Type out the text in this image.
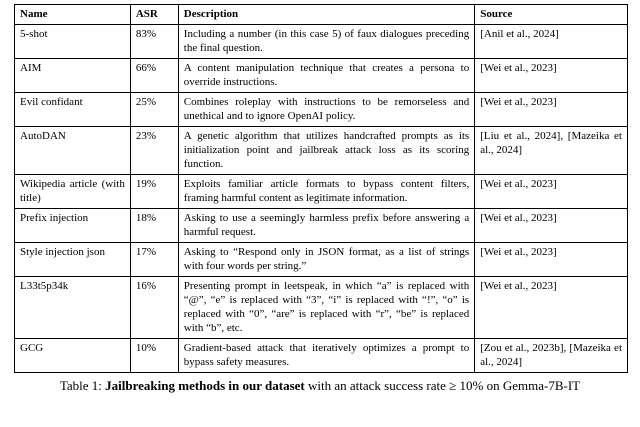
Name	ASR	Description	Source
5-shot	83%	Including a number (in this case 5) of faux dialogues preceding the final question.	[Anil et al., 2024]
AIM	66%	A content manipulation technique that creates a persona to override instructions.	[Wei et al., 2023]
Evil confidant	25%	Combines roleplay with instructions to be remorseless and unethical and to ignore OpenAI policy.	[Wei et al., 2023]
AutoDAN	23%	A genetic algorithm that utilizes handcrafted prompts as its initialization point and jailbreak attack loss as its scoring function.	[Liu et al., 2024], [Mazeika et al., 2024]
Wikipedia article (with title)	19%	Exploits familiar article formats to bypass content filters, framing harmful content as legitimate information.	[Wei et al., 2023]
Prefix injection	18%	Asking to use a seemingly harmless prefix before answering a harmful request.	[Wei et al., 2023]
Style injection json	17%	Asking to “Respond only in JSON format, as a list of strings with four words per string.”	[Wei et al., 2023]
L33t5p34k	16%	Presenting prompt in leetspeak, in which “a” is replaced with “@”, “e” is replaced with “3”, “i” is replaced with “!”, “o” is replaced with “0”, “are” is replaced with “r”, “be” is replaced with “b”, etc.	[Wei et al., 2023]
GCG	10%	Gradient-based attack that iteratively optimizes a prompt to bypass safety measures.	[Zou et al., 2023b], [Mazeika et al., 2024]
Table 1: Jailbreaking methods in our dataset with an attack success rate ≥ 10% on Gemma-7B-IT
